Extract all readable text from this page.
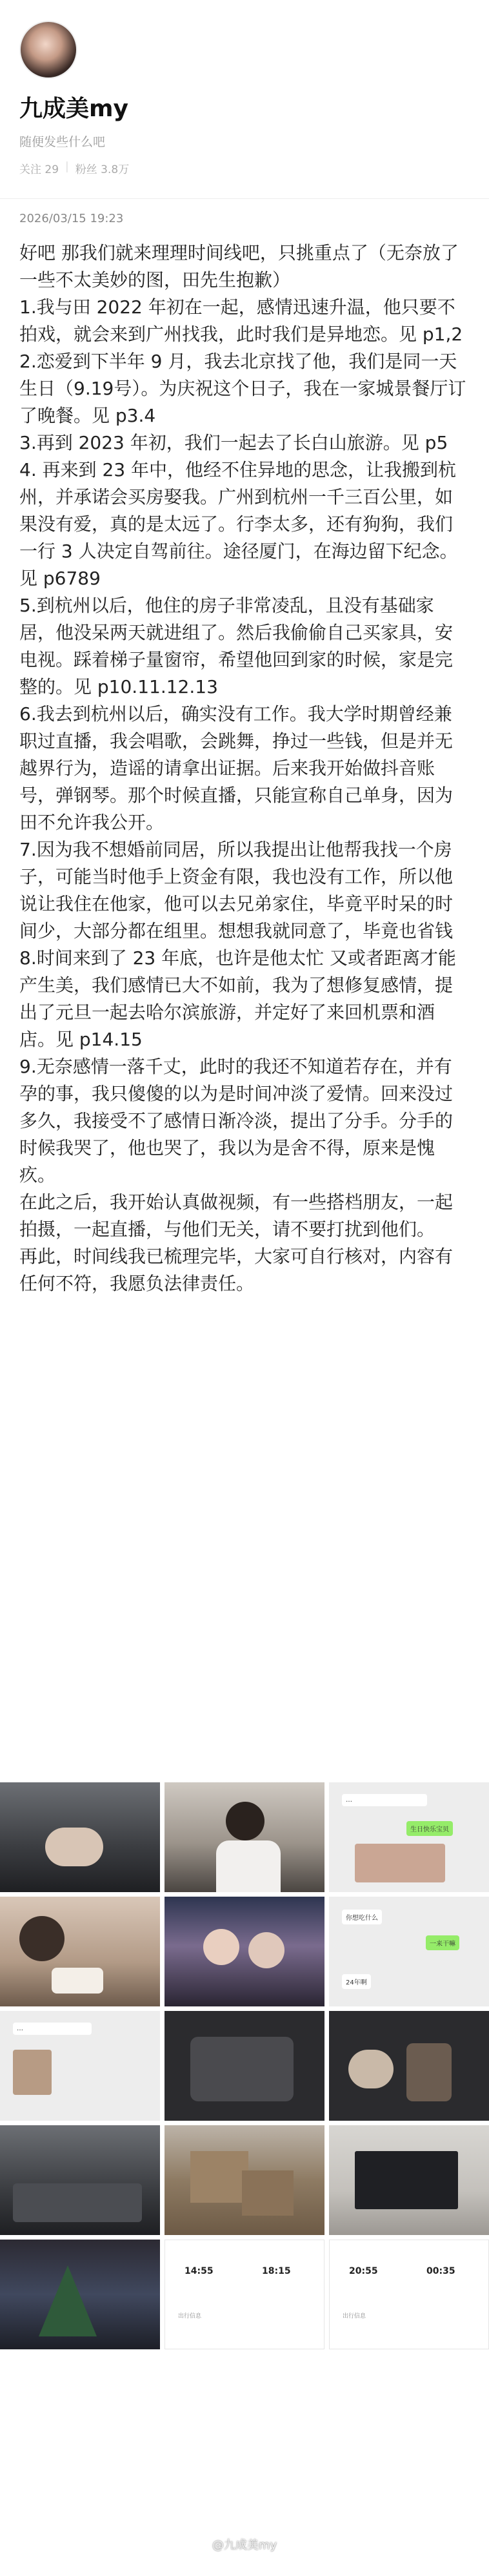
九成美my
随便发些什么吧
关注 29 | 粉丝 3.8万
2026/03/15 19:23

好吧 那我们就来理理时间线吧，只挑重点了（无奈放了一些不太美妙的图，田先生抱歉）

1.我与田 2022 年初在一起，感情迅速升温，他只要不拍戏，就会来到广州找我，此时我们是异地恋。见 p1,2

2.恋爱到下半年 9 月，我去北京找了他，我们是同一天生日（9.19号）。为庆祝这个日子，我在一家城景餐厅订了晚餐。见 p3.4

3.再到 2023 年初，我们一起去了长白山旅游。见 p5

4. 再来到 23 年中，他经不住异地的思念，让我搬到杭州，并承诺会买房娶我。广州到杭州一千三百公里，如果没有爱，真的是太远了。行李太多，还有狗狗，我们一行 3 人决定自驾前往。途径厦门，在海边留下纪念。见 p6789

5.到杭州以后，他住的房子非常凌乱，且没有基础家居，他没呆两天就进组了。然后我偷偷自己买家具，安电视。踩着梯子量窗帘，希望他回到家的时候，家是完整的。见 p10.11.12.13

6.我去到杭州以后，确实没有工作。我大学时期曾经兼职过直播，我会唱歌，会跳舞，挣过一些钱，但是并无越界行为，造谣的请拿出证据。后来我开始做抖音账号，弹钢琴。那个时候直播，只能宣称自己单身，因为田不允许我公开。

7.因为我不想婚前同居，所以我提出让他帮我找一个房子，可能当时他手上资金有限，我也没有工作，所以他说让我住在他家，他可以去兄弟家住，毕竟平时呆的时间少，大部分都在组里。想想我就同意了，毕竟也省钱

8.时间来到了 23 年底，也许是他太忙 又或者距离才能产生美，我们感情已大不如前，我为了想修复感情，提出了元旦一起去哈尔滨旅游，并定好了来回机票和酒店。见 p14.15

9.无奈感情一落千丈，此时的我还不知道若存在，并有孕的事，我只傻傻的以为是时间冲淡了爱情。回来没过多久，我接受不了感情日渐冷淡，提出了分手。分手的时候我哭了，他也哭了，我以为是舍不得，原来是愧疚。

在此之后，我开始认真做视频，有一些搭档朋友，一起拍摄，一起直播，与他们无关，请不要打扰到他们。

再此，时间线我已梳理完毕，大家可自行核对，内容有任何不符，我愿负法律责任。

…
生日快乐宝贝
你想吃什么
一来干嘛
24年啊
…
14:55	18:15
出行信息
20:55	00:35
出行信息
@九成美my
